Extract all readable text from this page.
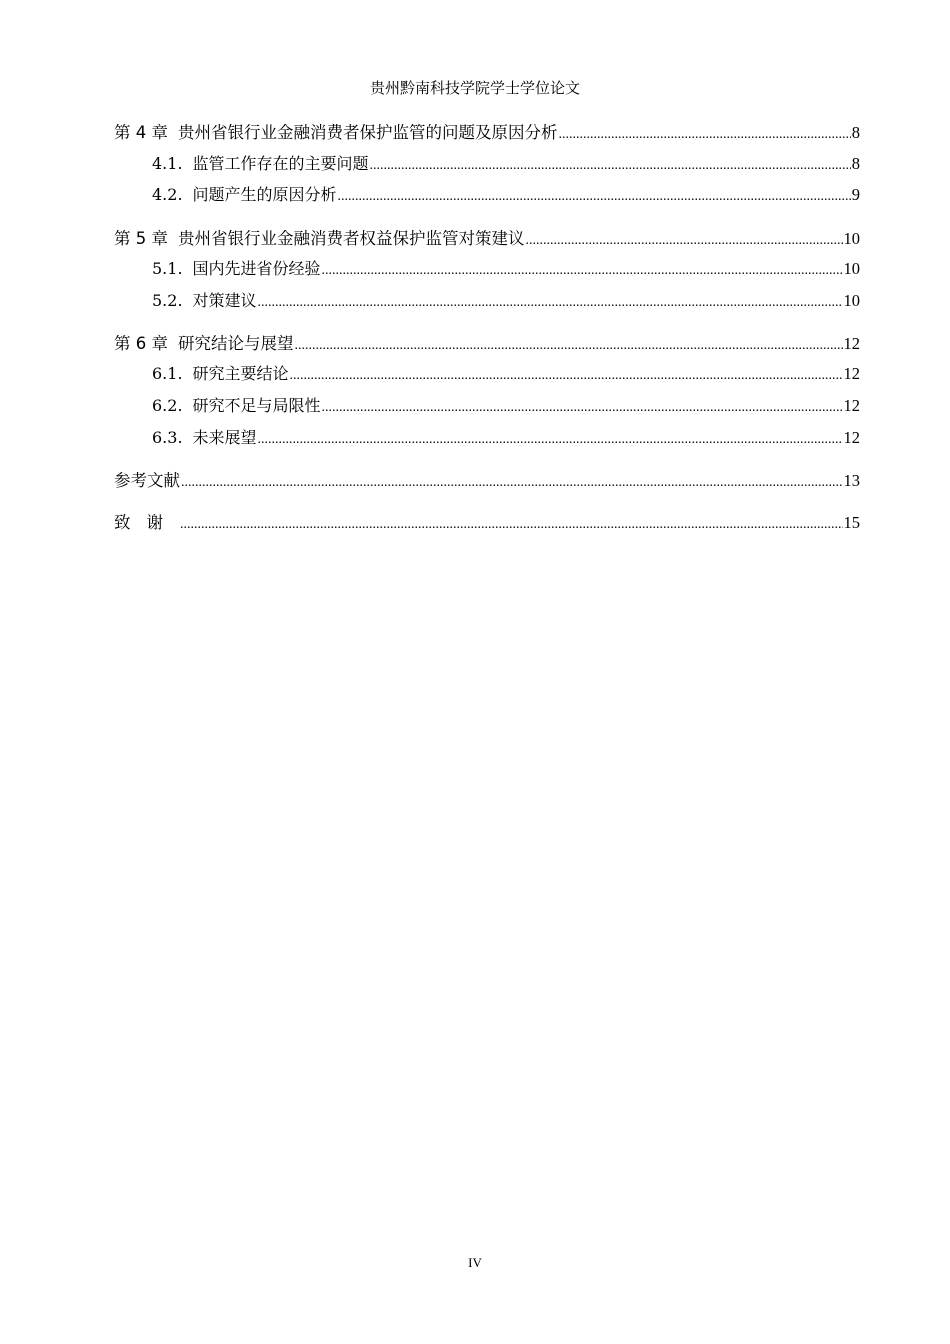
贵州黔南科技学院学士学位论文
第 4 章 贵州省银行业金融消费者保护监管的问题及原因分析 .....	8
4.1. 监管工作存在的主要问题 .....	8
4.2. 问题产生的原因分析 .....	9
第 5 章 贵州省银行业金融消费者权益保护监管对策建议 .....	10
5.1. 国内先进省份经验 .....	10
5.2. 对策建议 .....	10
第 6 章 研究结论与展望 .....	12
6.1. 研究主要结论 .....	12
6.2. 研究不足与局限性 .....	12
6.3. 未来展望 .....	12
参考文献 .....	13
致谢 .....	15
IV
